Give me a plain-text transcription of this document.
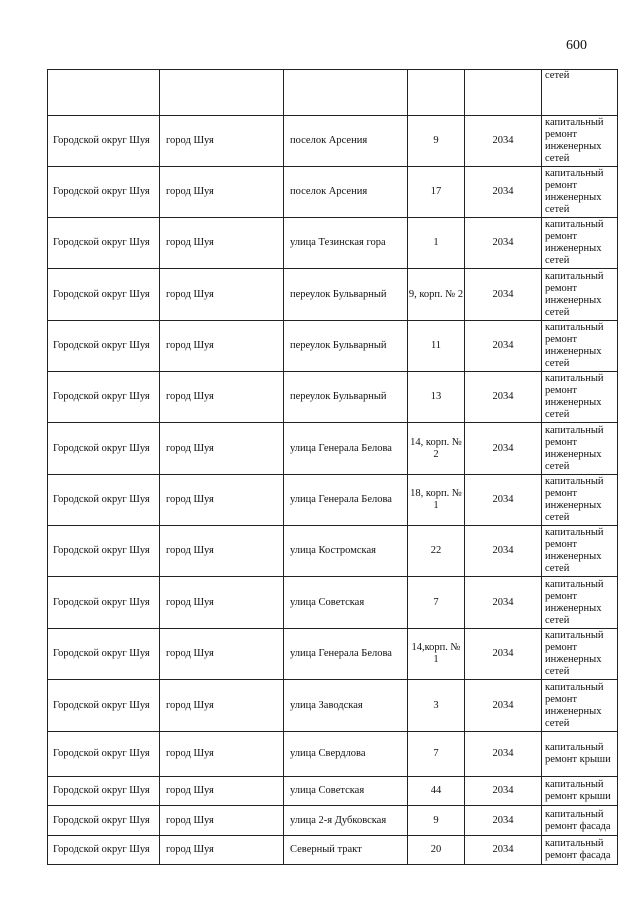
600
					сетей
Городской округ Шуя	город Шуя	поселок Арсения	9	2034	капитальный ремонт инженерных сетей
Городской округ Шуя	город Шуя	поселок Арсения	17	2034	капитальный ремонт инженерных сетей
Городской округ Шуя	город Шуя	улица Тезинская гора	1	2034	капитальный ремонт инженерных сетей
Городской округ Шуя	город Шуя	переулок Бульварный	9, корп. № 2	2034	капитальный ремонт инженерных сетей
Городской округ Шуя	город Шуя	переулок Бульварный	11	2034	капитальный ремонт инженерных сетей
Городской округ Шуя	город Шуя	переулок Бульварный	13	2034	капитальный ремонт инженерных сетей
Городской округ Шуя	город Шуя	улица Генерала Белова	14, корп. № 2	2034	капитальный ремонт инженерных сетей
Городской округ Шуя	город Шуя	улица Генерала Белова	18, корп. № 1	2034	капитальный ремонт инженерных сетей
Городской округ Шуя	город Шуя	улица Костромская	22	2034	капитальный ремонт инженерных сетей
Городской округ Шуя	город Шуя	улица Советская	7	2034	капитальный ремонт инженерных сетей
Городской округ Шуя	город Шуя	улица Генерала Белова	14,корп. № 1	2034	капитальный ремонт инженерных сетей
Городской округ Шуя	город Шуя	улица Заводская	3	2034	капитальный ремонт инженерных сетей
Городской округ Шуя	город Шуя	улица Свердлова	7	2034	капитальный ремонт крыши
Городской округ Шуя	город Шуя	улица Советская	44	2034	капитальный ремонт крыши
Городской округ Шуя	город Шуя	улица 2-я Дубковская	9	2034	капитальный ремонт фасада
Городской округ Шуя	город Шуя	Северный тракт	20	2034	капитальный ремонт фасада
